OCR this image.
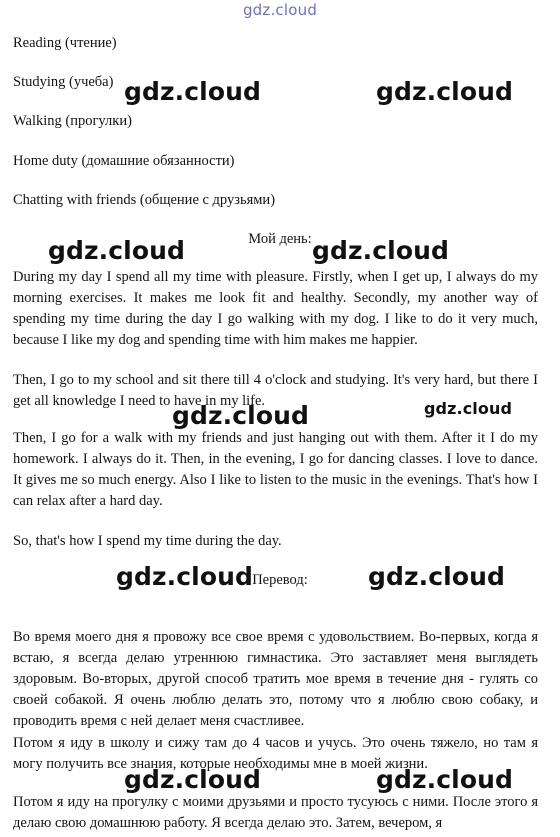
gdz.cloud
Reading (чтение)
Studying (учеба)
Walking (прогулки)
Home duty (домашние обязанности)
Chatting with friends (общение с друзьями)
Мой день:
During my day I spend all my time with pleasure. Firstly, when I get up, I always do my morning exercises. It makes me look fit and healthy. Secondly, my another way of spending my time during the day I go walking with my dog. I like to do it very much, because I like my dog and spending time with him makes me happier.
Then, I go to my school and sit there till 4 o'clock and studying. It's very hard, but there I get all knowledge I need to have in my life.
Then, I go for a walk with my friends and just hanging out with them. After it I do my homework. I always do it. Then, in the evening, I go for dancing classes. I love to dance. It gives me so much energy. Also I like to listen to the music in the evenings. That's how I can relax after a hard day.
So, that's how I spend my time during the day.
Перевод:
Во время моего дня я провожу все свое время с удовольствием. Во-первых, когда я встаю, я всегда делаю утреннюю гимнастика. Это заставляет меня выглядеть здоровым. Во-вторых, другой способ тратить мое время в течение дня - гулять со своей собакой. Я очень люблю делать это, потому что я люблю свою собаку, и проводить время с ней делает меня счастливее.
Потом я иду в школу и сижу там до 4 часов и учусь. Это очень тяжело, но там я могу получить все знания, которые необходимы мне в моей жизни.
Потом я иду на прогулку с моими друзьями и просто тусуюсь с ними. После этого я делаю свою домашнюю работу. Я всегда делаю это. Затем, вечером, я
gdz.cloud	gdz.cloud
gdz.cloud	gdz.cloud
gdz.cloud	gdz.cloud
gdz.cloud	gdz.cloud
gdz.cloud	gdz.cloud
